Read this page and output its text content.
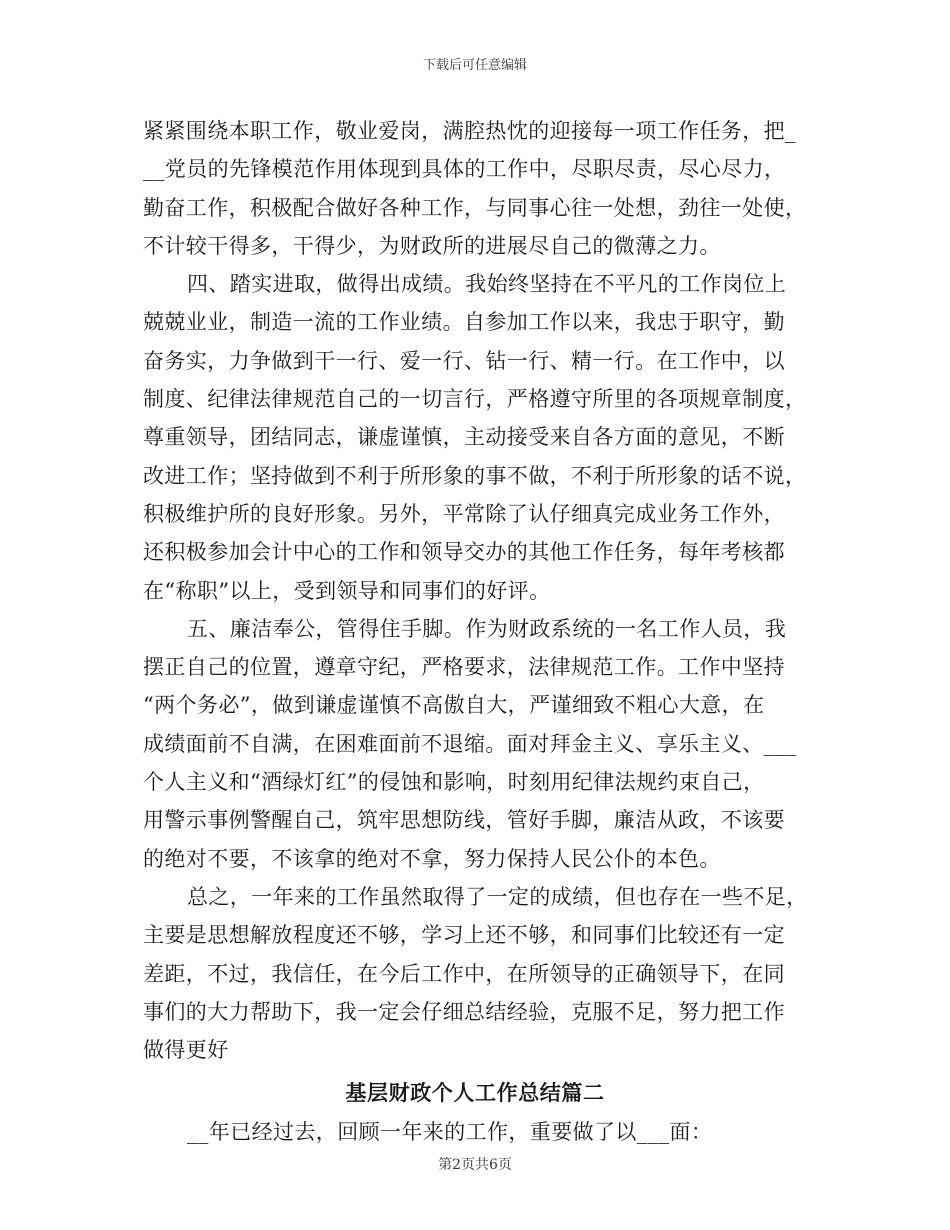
下载后可任意编辑
紧紧围绕本职工作，敬业爱岗，满腔热忱的迎接每一项工作任务，把_
__党员的先锋模范作用体现到具体的工作中，尽职尽责，尽心尽力，
勤奋工作，积极配合做好各种工作，与同事心往一处想，劲往一处使，
不计较干得多，干得少，为财政所的进展尽自己的微薄之力。
四、踏实进取，做得出成绩。我始终坚持在不平凡的工作岗位上
兢兢业业，制造一流的工作业绩。自参加工作以来，我忠于职守，勤
奋务实，力争做到干一行、爱一行、钻一行、精一行。在工作中，以
制度、纪律法律规范自己的一切言行，严格遵守所里的各项规章制度，
尊重领导，团结同志，谦虚谨慎，主动接受来自各方面的意见，不断
改进工作；坚持做到不利于所形象的事不做，不利于所形象的话不说，
积极维护所的良好形象。另外，平常除了认仔细真完成业务工作外，
还积极参加会计中心的工作和领导交办的其他工作任务，每年考核都
在“称职”以上，受到领导和同事们的好评。
五、廉洁奉公，管得住手脚。作为财政系统的一名工作人员，我
摆正自己的位置，遵章守纪，严格要求，法律规范工作。工作中坚持
“两个务必”，做到谦虚谨慎不高傲自大，严谨细致不粗心大意，在
成绩面前不自满，在困难面前不退缩。面对拜金主义、享乐主义、___
个人主义和“酒绿灯红”的侵蚀和影响，时刻用纪律法规约束自己，
用警示事例警醒自己，筑牢思想防线，管好手脚，廉洁从政，不该要
的绝对不要，不该拿的绝对不拿，努力保持人民公仆的本色。
总之，一年来的工作虽然取得了一定的成绩，但也存在一些不足，
主要是思想解放程度还不够，学习上还不够，和同事们比较还有一定
差距，不过，我信任，在今后工作中，在所领导的正确领导下，在同
事们的大力帮助下，我一定会仔细总结经验，克服不足，努力把工作
做得更好
基层财政个人工作总结篇二
__年已经过去，回顾一年来的工作，重要做了以___面：
第2页共6页
